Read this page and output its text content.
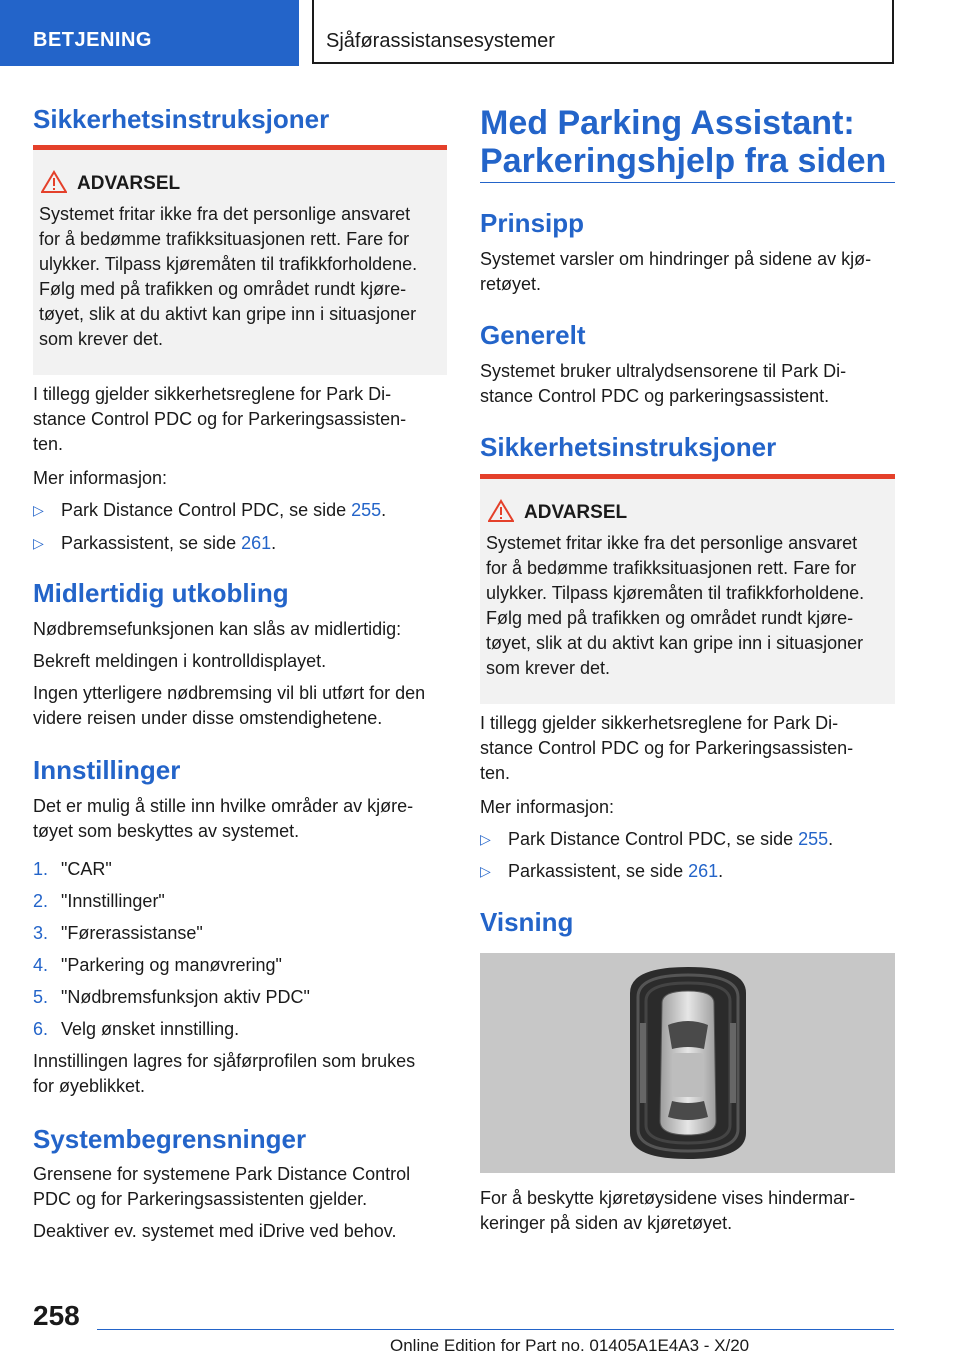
BETJENING	Sjåførassistansesystemer
Sikkerhetsinstruksjoner
ADVARSEL
Systemet fritar ikke fra det personlige ansvaret
for å bedømme trafikksituasjonen rett. Fare for
ulykker. Tilpass kjøremåten til trafikkforholdene.
Følg med på trafikken og området rundt kjøre-
tøyet, slik at du aktivt kan gripe inn i situasjoner
som krever det.
I tillegg gjelder sikkerhetsreglene for Park Di-
stance Control PDC og for Parkeringsassisten-
ten.
Mer informasjon:
▷ Park Distance Control PDC, se side 255.
▷ Parkassistent, se side 261.
Midlertidig utkobling
Nødbremsefunksjonen kan slås av midlertidig:
Bekreft meldingen i kontrolldisplayet.
Ingen ytterligere nødbremsing vil bli utført for den
videre reisen under disse omstendighetene.
Innstillinger
Det er mulig å stille inn hvilke områder av kjøre-
tøyet som beskyttes av systemet.
1. "CAR"
2. "Innstillinger"
3. "Førerassistanse"
4. "Parkering og manøvrering"
5. "Nødbremsfunksjon aktiv PDC"
6. Velg ønsket innstilling.
Innstillingen lagres for sjåførprofilen som brukes
for øyeblikket.
Systembegrensninger
Grensene for systemene Park Distance Control
PDC og for Parkeringsassistenten gjelder.
Deaktiver ev. systemet med iDrive ved behov.
Med Parking Assistant:
Parkeringshjelp fra siden
Prinsipp
Systemet varsler om hindringer på sidene av kjø-
retøyet.
Generelt
Systemet bruker ultralydsensorene til Park Di-
stance Control PDC og parkeringsassistent.
Sikkerhetsinstruksjoner
ADVARSEL
Systemet fritar ikke fra det personlige ansvaret
for å bedømme trafikksituasjonen rett. Fare for
ulykker. Tilpass kjøremåten til trafikkforholdene.
Følg med på trafikken og området rundt kjøre-
tøyet, slik at du aktivt kan gripe inn i situasjoner
som krever det.
I tillegg gjelder sikkerhetsreglene for Park Di-
stance Control PDC og for Parkeringsassisten-
ten.
Mer informasjon:
▷ Park Distance Control PDC, se side 255.
▷ Parkassistent, se side 261.
Visning
For å beskytte kjøretøysidene vises hindermar-
keringer på siden av kjøretøyet.
258
Online Edition for Part no. 01405A1E4A3 - X/20
